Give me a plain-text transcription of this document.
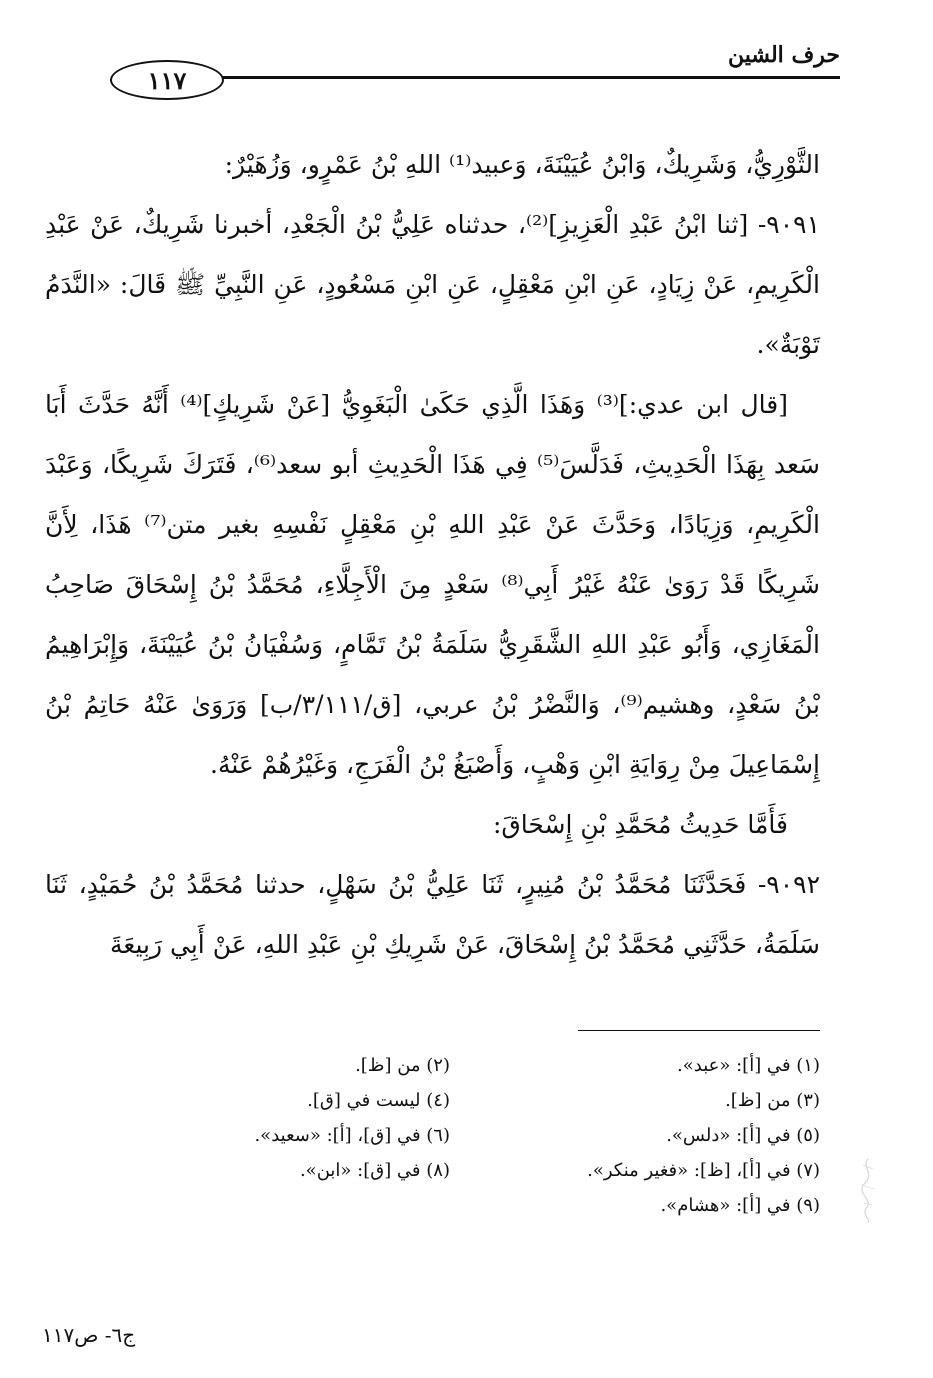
حرف الشين
١١٧

الثَّوْرِيُّ، وَشَرِيكٌ، وَابْنُ عُيَيْنَةَ، وَعبيد⁽¹⁾ اللهِ بْنُ عَمْرٍو، وَزُهَيْرٌ:

٩٠٩١- [ثنا ابْنُ عَبْدِ الْعَزِيزِ]⁽²⁾، حدثناه عَلِيُّ بْنُ الْجَعْدِ، أخبرنا شَرِيكٌ، عَنْ عَبْدِ الْكَرِيمِ، عَنْ زِيَادٍ، عَنِ ابْنِ مَعْقِلٍ، عَنِ ابْنِ مَسْعُودٍ، عَنِ النَّبِيِّ ﷺ قَالَ: «النَّدَمُ تَوْبَةٌ».

[قال ابن عدي:]⁽³⁾ وَهَذَا الَّذِي حَكَىٰ الْبَغَوِيُّ [عَنْ شَرِيكٍ]⁽⁴⁾ أَنَّهُ حَدَّثَ أَبَا سَعد بِهَذَا الْحَدِيثِ، فَدَلَّسَ⁽⁵⁾ فِي هَذَا الْحَدِيثِ أبو سعد⁽⁶⁾، فَتَرَكَ شَرِيكًا، وَعَبْدَ الْكَرِيمِ، وَزِيَادًا، وَحَدَّثَ عَنْ عَبْدِ اللهِ بْنِ مَعْقِلٍ نَفْسِهِ بغير متن⁽⁷⁾ هَذَا، لِأَنَّ شَرِيكًا قَدْ رَوَىٰ عَنْهُ غَيْرُ أَبِي⁽⁸⁾ سَعْدٍ مِنَ الْأَجِلَّاءِ، مُحَمَّدُ بْنُ إِسْحَاقَ صَاحِبُ الْمَغَازِي، وَأَبُو عَبْدِ اللهِ الشَّقَرِيُّ سَلَمَةُ بْنُ تَمَّامٍ، وَسُفْيَانُ بْنُ عُيَيْنَةَ، وَإِبْرَاهِيمُ بْنُ سَعْدٍ، وهشيم⁽⁹⁾، وَالنَّضْرُ بْنُ عربي، [ق/٣/١١١/ب] وَرَوَىٰ عَنْهُ حَاتِمُ بْنُ إِسْمَاعِيلَ مِنْ رِوَايَةِ ابْنِ وَهْبٍ، وَأَصْبَغُ بْنُ الْفَرَجِ، وَغَيْرُهُمْ عَنْهُ.

فَأَمَّا حَدِيثُ مُحَمَّدِ بْنِ إِسْحَاقَ:

٩٠٩٢- فَحَدَّثَنَا مُحَمَّدُ بْنُ مُنِيرٍ، ثَنَا عَلِيُّ بْنُ سَهْلٍ، حدثنا مُحَمَّدُ بْنُ حُمَيْدٍ، ثَنَا سَلَمَةُ، حَدَّثَنِي مُحَمَّدُ بْنُ إِسْحَاقَ، عَنْ شَرِيكِ بْنِ عَبْدِ اللهِ، عَنْ أَبِي رَبِيعَةَ

(١) في [أ]: «عبد».
(٢) من [ظ].
(٣) من [ظ].
(٤) ليست في [ق].
(٥) في [أ]: «دلس».
(٦) في [ق]، [أ]: «سعيد».
(٧) في [أ]، [ظ]: «فغير منكر».
(٨) في [ق]: «ابن».
(٩) في [أ]: «هشام».
ج٦- ص١١٧
